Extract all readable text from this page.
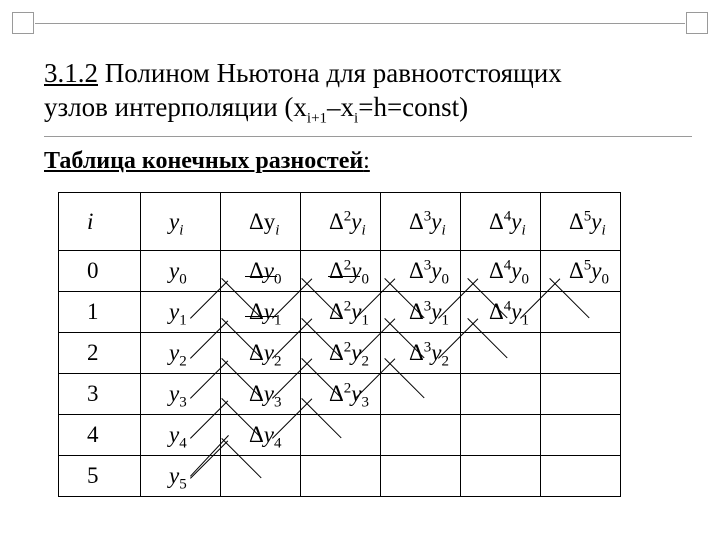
3.1.2 Полином Ньютона для равноотстоящих
узлов интерполяции $(x_{i+1}-x_i=h=const)$
Таблица конечных разностей:
i	$y_i$	$\Delta y_i$	$\Delta^2y_i$	$\Delta^3y_i$	$\Delta^4y_i$	$\Delta^5y_i$
0	$y_0$	$\Delta y_0$	$\Delta^2y_0$	$\Delta^3y_0$	$\Delta^4y_0$	$\Delta^5y_0$
1	$y_1$	$\Delta y_1$	$\Delta^2y_1$	$\Delta^3y_1$	$\Delta^4y_1$	
2	$y_2$	$\Delta y_2$	$\Delta^2y_2$	$\Delta^3y_2$		
3	$y_3$	$\Delta y_3$	$\Delta^2y_3$			
4	$y_4$	$\Delta y_4$				
5	$y_5$					
